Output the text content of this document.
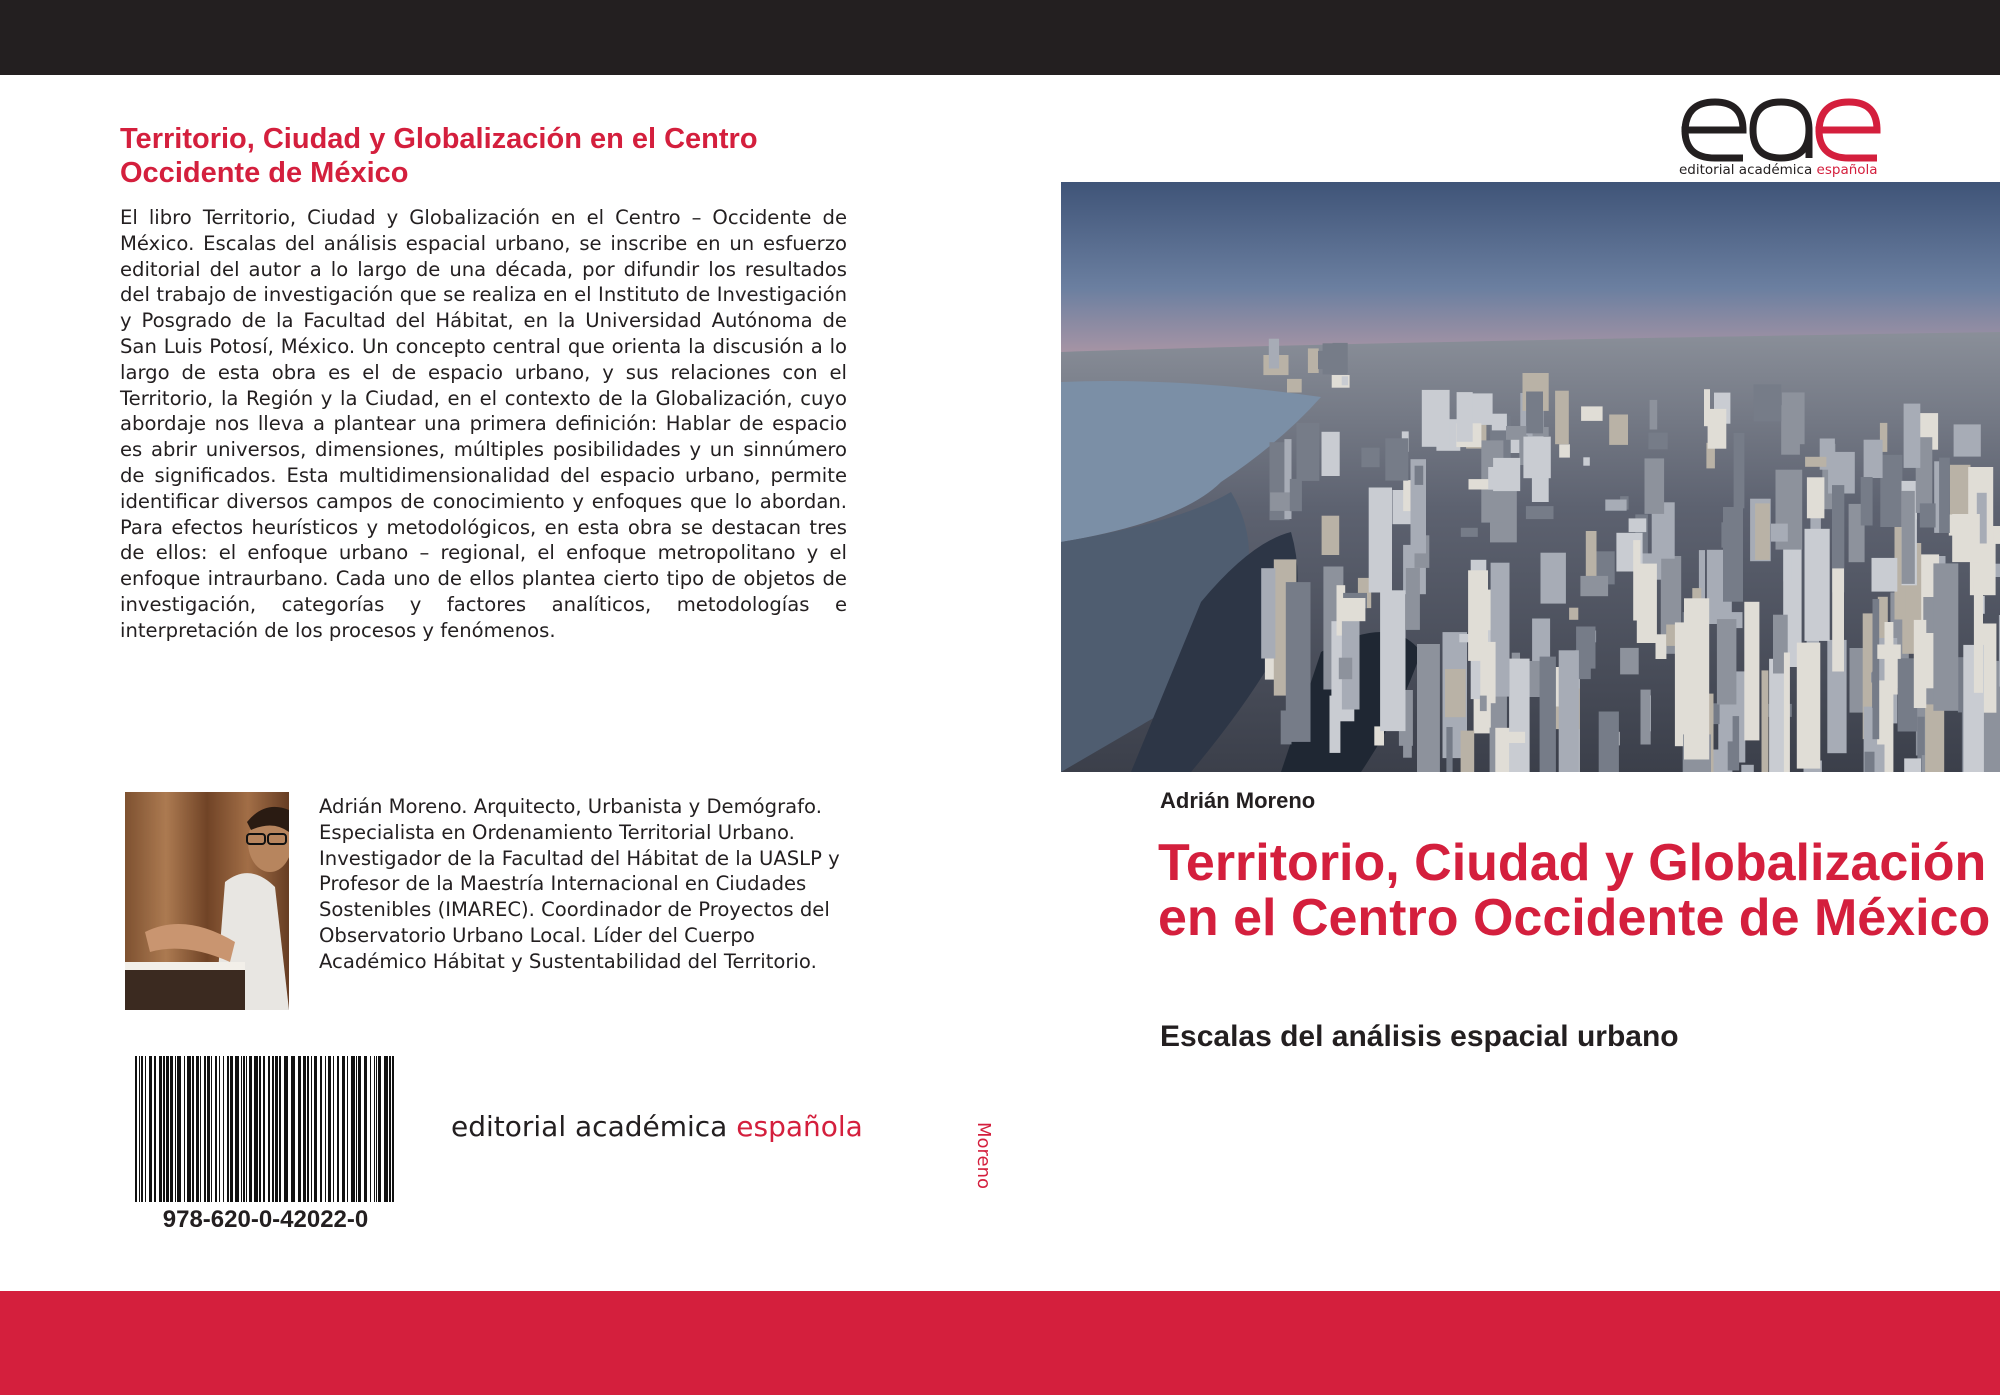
Territorio, Ciudad y Globalización en el Centro Occidente de México

El libro Territorio, Ciudad y Globalización en el Centro – Occidente de México. Escalas del análisis espacial urbano, se inscribe en un esfuerzo editorial del autor a lo largo de una década, por difundir los resultados del trabajo de investigación que se realiza en el Instituto de Investigación y Posgrado de la Facultad del Hábitat, en la Universidad Autónoma de San Luis Potosí, México. Un concepto central que orienta la discusión a lo largo de esta obra es el de espacio urbano, y sus relaciones con el Territorio, la Región y la Ciudad, en el contexto de la Globalización, cuyo abordaje nos lleva a plantear una primera definición: Hablar de espacio es abrir universos, dimensiones, múltiples posibilidades y un sinnúmero de significados. Esta multidimensionalidad del espacio urbano, permite identificar diversos campos de conocimiento y enfoques que lo abordan. Para efectos heurísticos y metodológicos, en esta obra se destacan tres de ellos: el enfoque urbano – regional, el enfoque metropolitano y el enfoque intraurbano. Cada uno de ellos plantea cierto tipo de objetos de investigación, categorías y factores analíticos, metodologías e interpretación de los procesos y fenómenos.

Adrián Moreno. Arquitecto, Urbanista y Demógrafo. Especialista en Ordenamiento Territorial Urbano. Investigador de la Facultad del Hábitat de la UASLP y Profesor de la Maestría Internacional en Ciudades Sostenibles (IMAREC). Coordinador de Proyectos del Observatorio Urbano Local. Líder del Cuerpo Académico Hábitat y Sustentabilidad del Territorio.

978-620-0-42022-0
editorial académica española	Moreno
editorial académica española
Adrián Moreno
Territorio, Ciudad y Globalización en el Centro Occidente de México
Escalas del análisis espacial urbano
